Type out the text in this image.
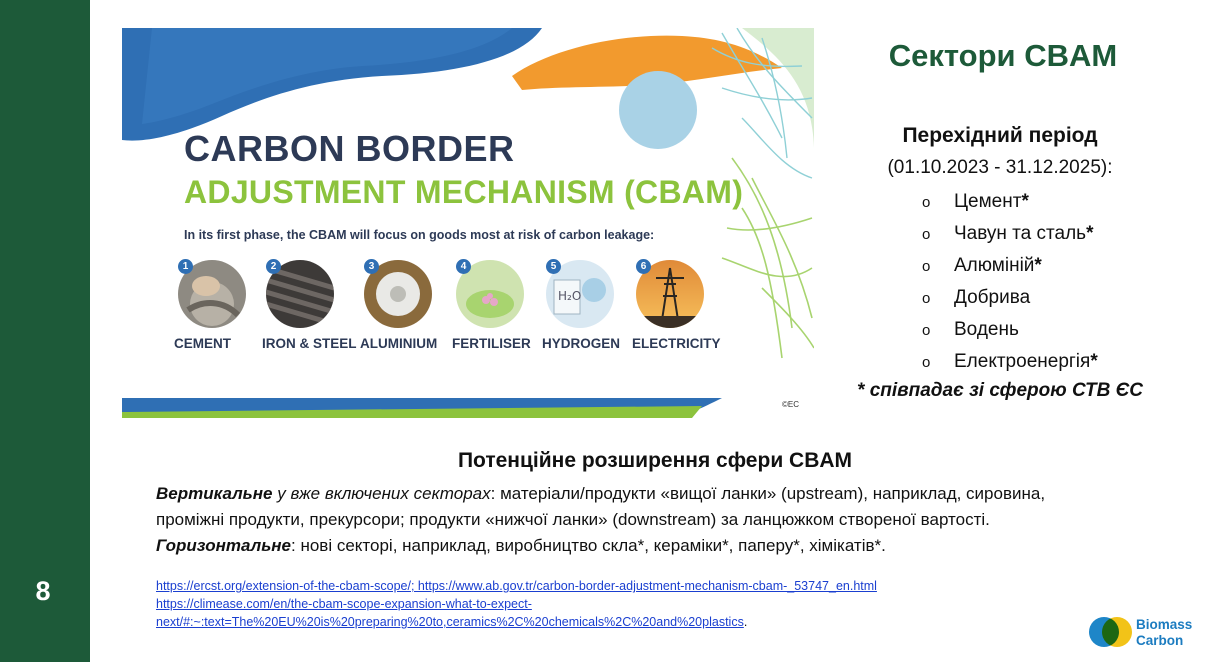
8
CARBON BORDER
ADJUSTMENT MECHANISM (CBAM)
In its first phase, the CBAM will focus on goods most at risk of carbon leakage:
1
CEMENT
2
IRON & STEEL
3
ALUMINIUM
4
FERTILISER
H₂O
5
HYDROGEN
6
ELECTRICITY
©EC
Сектори CBAM
Перехідний період
(01.10.2023 - 31.12.2025):
o Цемент*
o Чавун та сталь*
o Алюміній*
o Добрива
o Водень
o Електроенергія*
* співпадає зі сферою СТВ ЄС
Потенційне розширення сфери CBAM
Вертикальне у вже включених секторах: матеріали/продукти «вищої ланки» (upstream), наприклад, сировина,
проміжні продукти, прекурсори; продукти «нижчої ланки» (downstream) за ланцюжком створеної вартості.
Горизонтальне: нові секторі, наприклад, виробництво скла*, кераміки*, паперу*, хімікатів*.
https://ercst.org/extension-of-the-cbam-scope/; https://www.ab.gov.tr/carbon-border-adjustment-mechanism-cbam-_53747_en.html
https://climease.com/en/the-cbam-scope-expansion-what-to-expect-
next/#:~:text=The%20EU%20is%20preparing%20to,ceramics%2C%20chemicals%2C%20and%20plastics.	Biomass
Carbon
